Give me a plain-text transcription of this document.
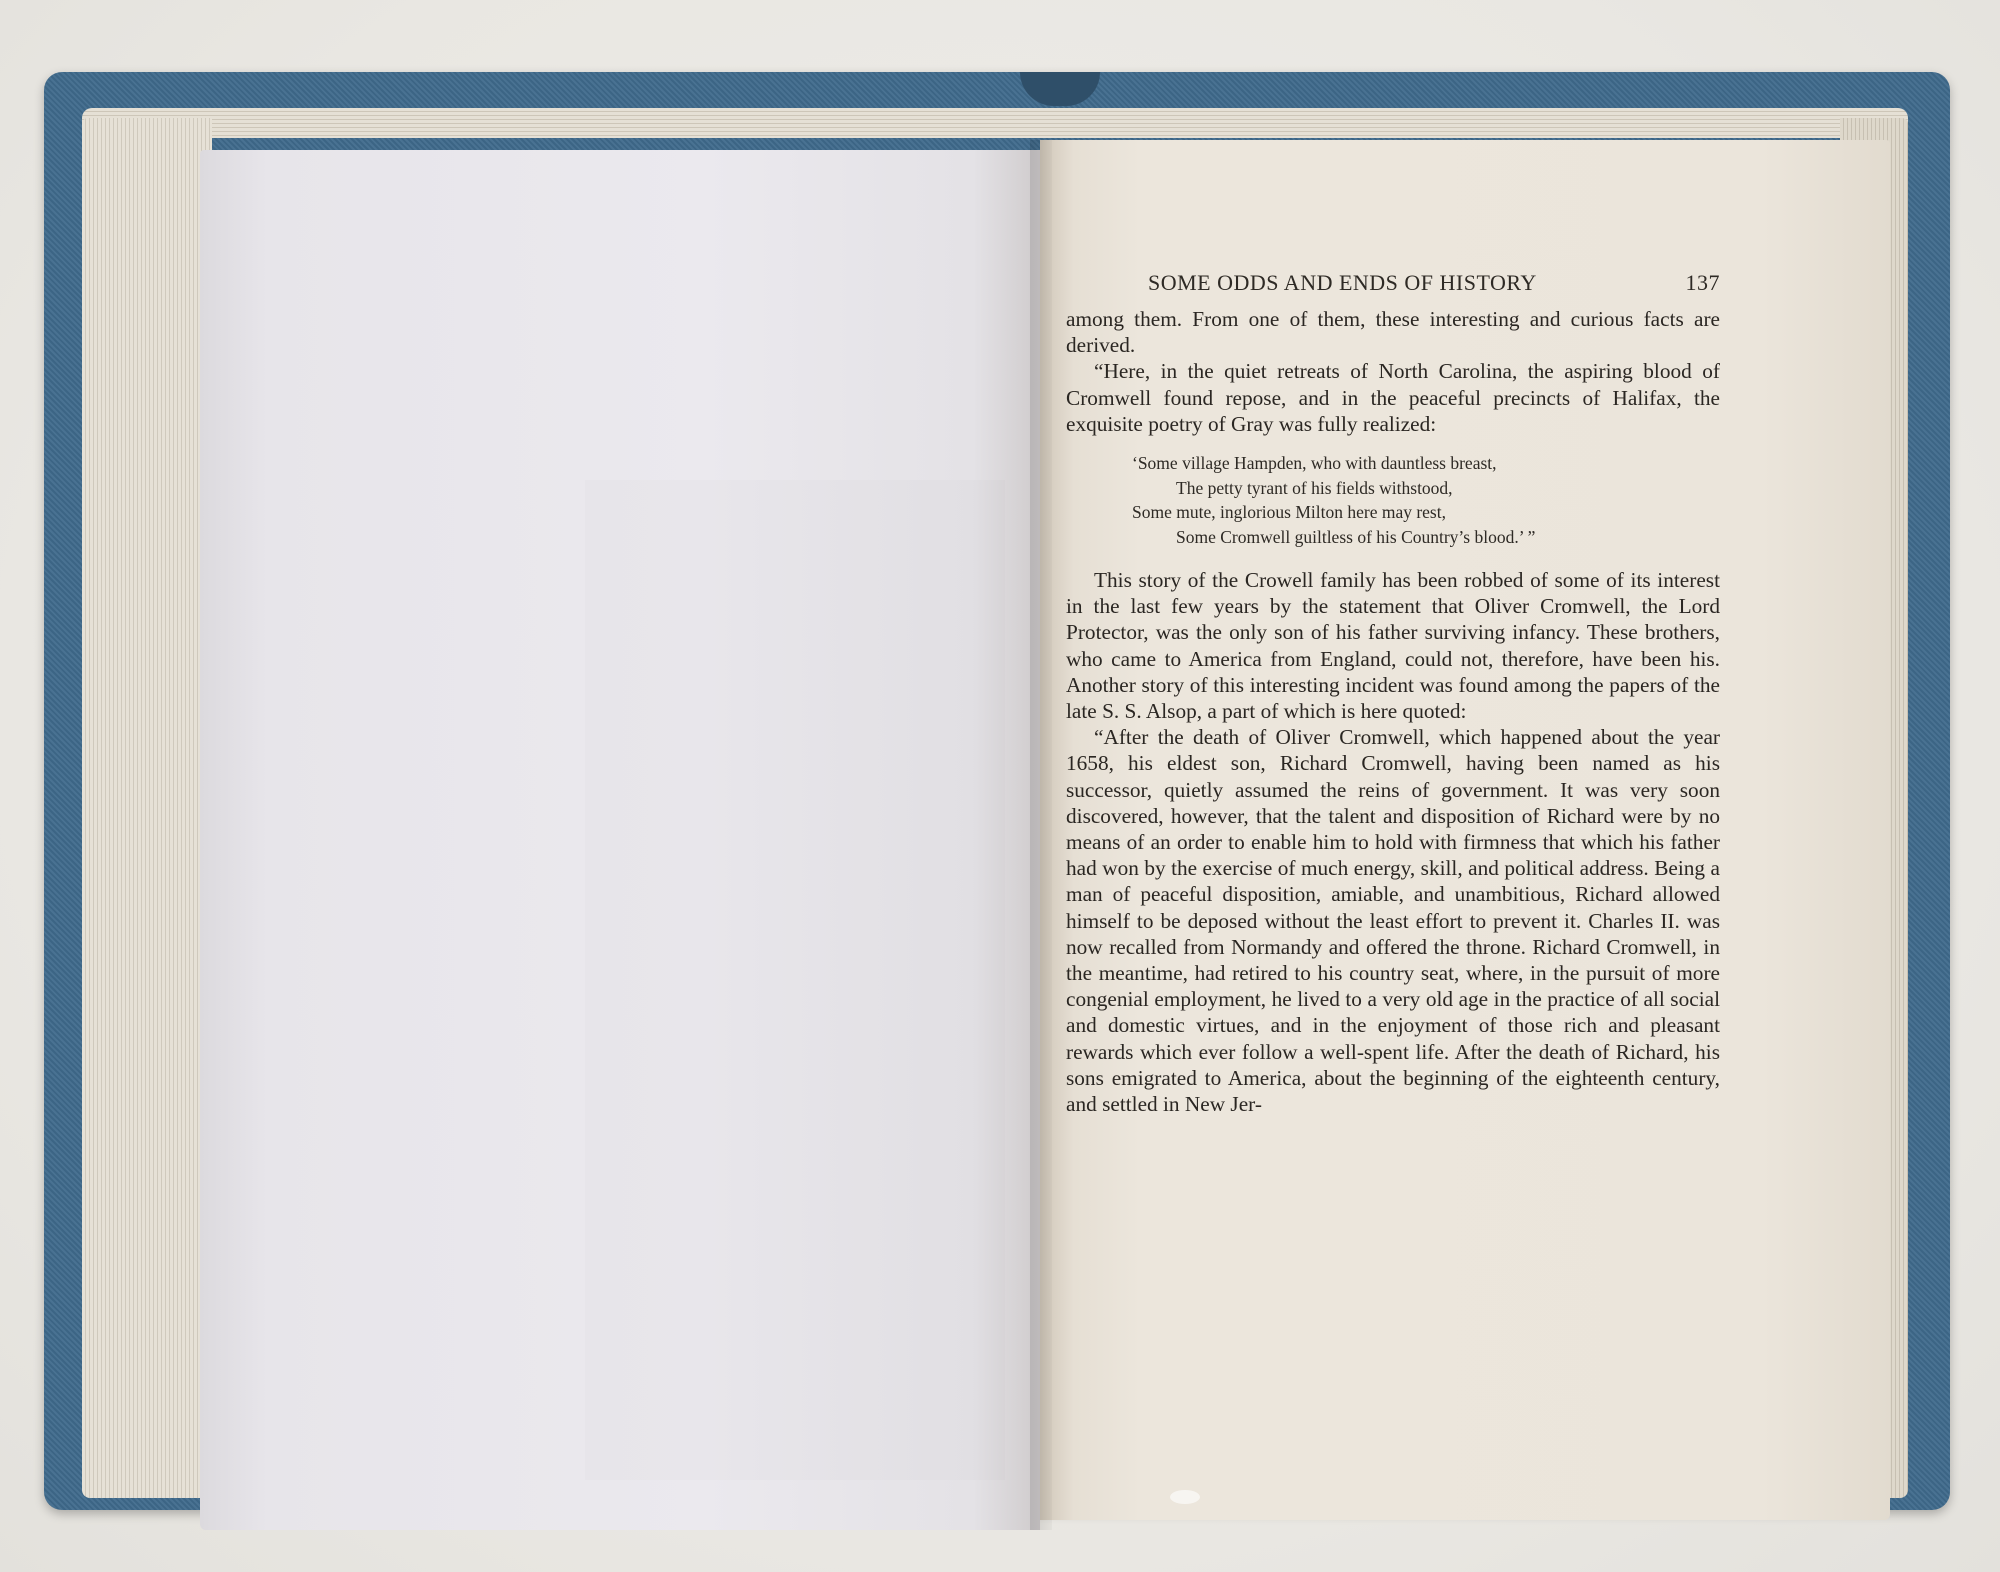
SOME ODDS AND ENDS OF HISTORY	137

among them. From one of them, these interesting and curious facts are derived.

“Here, in the quiet retreats of North Carolina, the aspiring blood of Cromwell found repose, and in the peaceful precincts of Halifax, the exquisite poetry of Gray was fully realized:

‘Some village Hampden, who with dauntless breast,
The petty tyrant of his fields withstood,
Some mute, inglorious Milton here may rest,
Some Cromwell guiltless of his Country’s blood.’ ”

This story of the Crowell family has been robbed of some of its interest in the last few years by the statement that Oliver Cromwell, the Lord Protector, was the only son of his father surviving infancy. These brothers, who came to America from England, could not, therefore, have been his. Another story of this interesting incident was found among the papers of the late S. S. Alsop, a part of which is here quoted:

“After the death of Oliver Cromwell, which happened about the year 1658, his eldest son, Richard Cromwell, having been named as his successor, quietly assumed the reins of government. It was very soon discovered, however, that the talent and disposition of Richard were by no means of an order to enable him to hold with firmness that which his father had won by the exercise of much energy, skill, and political address. Being a man of peaceful disposition, amiable, and unambitious, Richard allowed himself to be deposed without the least effort to prevent it. Charles II. was now recalled from Normandy and offered the throne. Richard Cromwell, in the meantime, had retired to his country seat, where, in the pursuit of more congenial employment, he lived to a very old age in the practice of all social and domestic virtues, and in the enjoyment of those rich and pleasant rewards which ever follow a well-spent life. After the death of Richard, his sons emigrated to America, about the beginning of the eighteenth century, and settled in New Jer-
